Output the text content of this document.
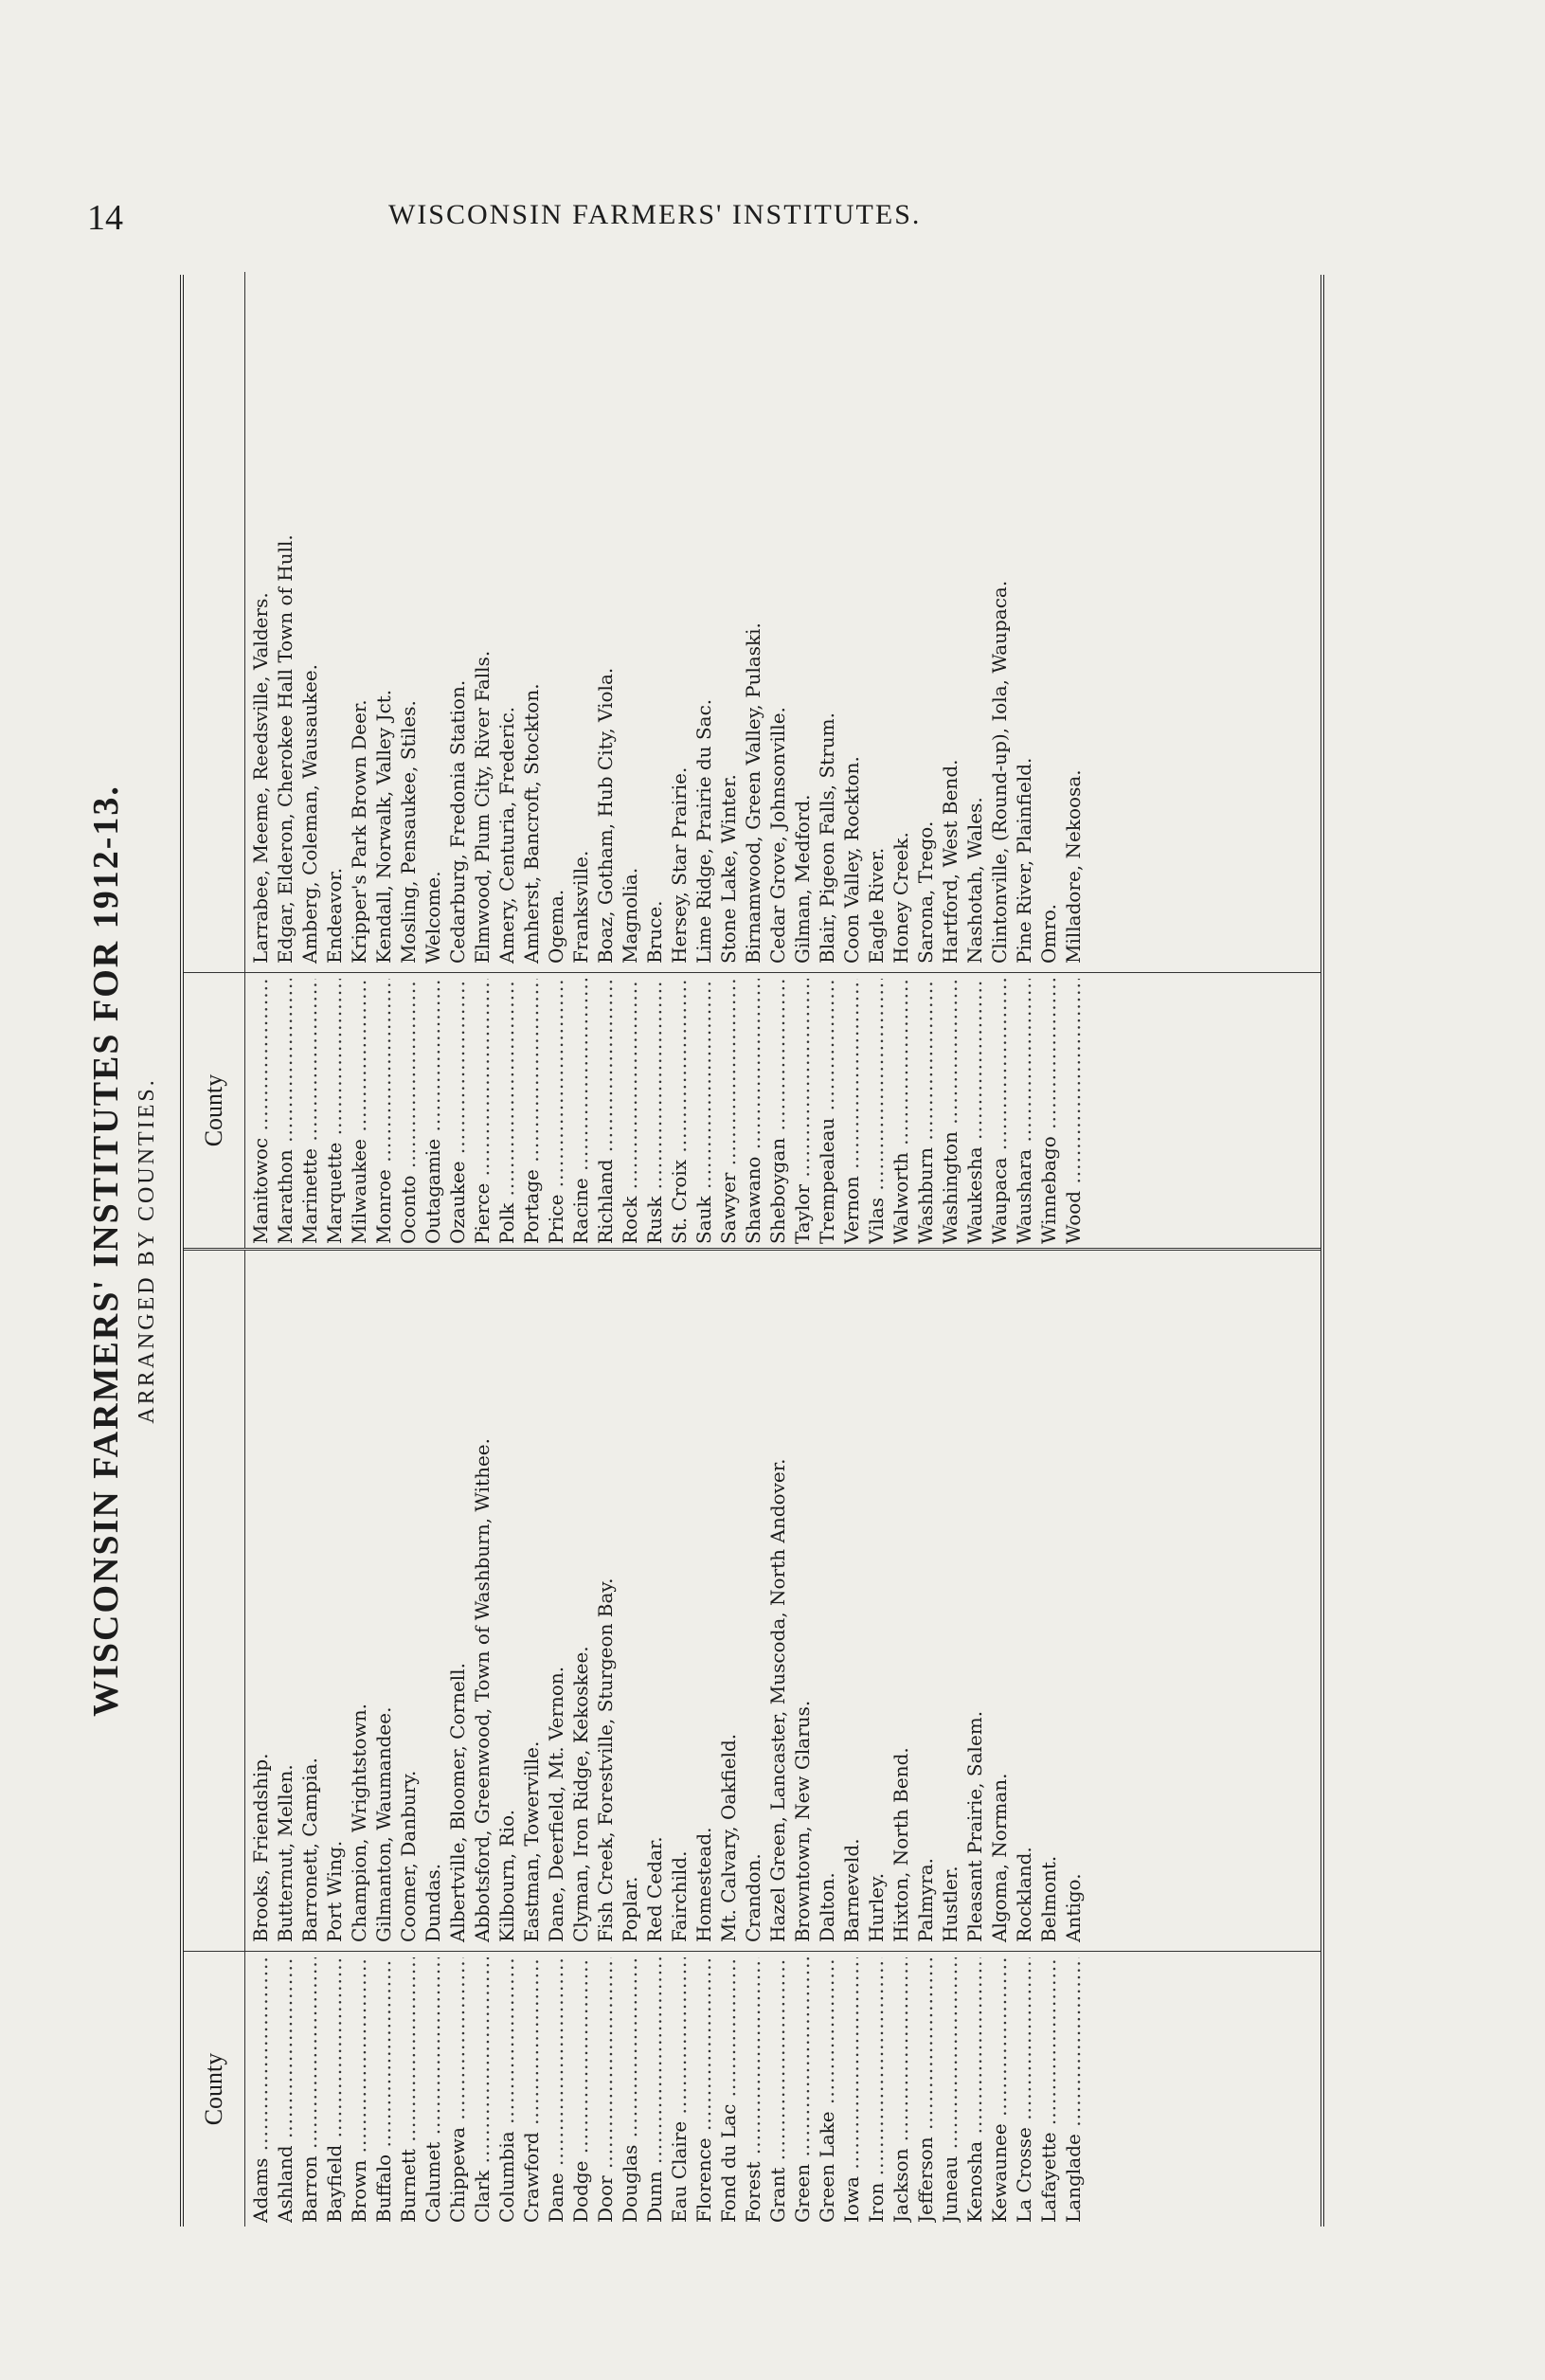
14	WISCONSIN FARMERS' INSTITUTES.
WISCONSIN FARMERS' INSTITUTES FOR 1912-13. ARRANGED BY COUNTIES.
County
Adams .....
Brooks, Friendship.
Ashland .....
Butternut, Mellen.
Barron .....
Barronett, Campia.
Bayfield .....
Port Wing.
Brown .....
Champion, Wrightstown.
Buffalo .....
Gilmanton, Waumandee.
Burnett .....
Coomer, Danbury.
Calumet .....
Dundas.
Chippewa .....
Albertville, Bloomer, Cornell.
Clark .....
Abbotsford, Greenwood, Town of Washburn, Withee.
Columbia .....
Kilbourn, Rio.
Crawford .....
Eastman, Towerville.
Dane .....
Dane, Deerfield, Mt. Vernon.
Dodge .....
Clyman, Iron Ridge, Kekoskee.
Door .....
Fish Creek, Forestville, Sturgeon Bay.
Douglas .....
Poplar.
Dunn .....
Red Cedar.
Eau Claire .....
Fairchild.
Florence .....
Homestead.
Fond du Lac .....
Mt. Calvary, Oakfield.
Forest .....
Crandon.
Grant .....
Hazel Green, Lancaster, Muscoda, North Andover.
Green .....
Browntown, New Glarus.
Green Lake .....
Dalton.
Iowa .....
Barneveld.
Iron .....
Hurley.
Jackson .....
Hixton, North Bend.
Jefferson .....
Palmyra.
Juneau .....
Hustler.
Kenosha .....
Pleasant Prairie, Salem.
Kewaunee .....
Algoma, Norman.
La Crosse .....
Rockland.
Lafayette .....
Belmont.
Langlade .....
Antigo.
County
Manitowoc .....
Larrabee, Meeme, Reedsville, Valders.
Marathon .....
Edgar, Elderon, Cherokee Hall Town of Hull.
Marinette .....
Amberg, Coleman, Wausaukee.
Marquette .....
Endeavor.
Milwaukee .....
Kripper's Park Brown Deer.
Monroe .....
Kendall, Norwalk, Valley Jct.
Oconto .....
Mosling, Pensaukee, Stiles.
Outagamie .....
Welcome.
Ozaukee .....
Cedarburg, Fredonia Station.
Pierce .....
Elmwood, Plum City, River Falls.
Polk .....
Amery, Centuria, Frederic.
Portage .....
Amherst, Bancroft, Stockton.
Price .....
Ogema.
Racine .....
Franksville.
Richland .....
Boaz, Gotham, Hub City, Viola.
Rock .....
Magnolia.
Rusk .....
Bruce.
St. Croix .....
Hersey, Star Prairie.
Sauk .....
Lime Ridge, Prairie du Sac.
Sawyer .....
Stone Lake, Winter.
Shawano .....
Birnamwood, Green Valley, Pulaski.
Sheboygan .....
Cedar Grove, Johnsonville.
Taylor .....
Gilman, Medford.
Trempealeau .....
Blair, Pigeon Falls, Strum.
Vernon .....
Coon Valley, Rockton.
Vilas .....
Eagle River.
Walworth .....
Honey Creek.
Washburn .....
Sarona, Trego.
Washington .....
Hartford, West Bend.
Waukesha .....
Nashotah, Wales.
Waupaca .....
Clintonville, (Round-up), Iola, Waupaca.
Waushara .....
Pine River, Plainfield.
Winnebago .....
Omro.
Wood .....
Milladore, Nekoosa.
